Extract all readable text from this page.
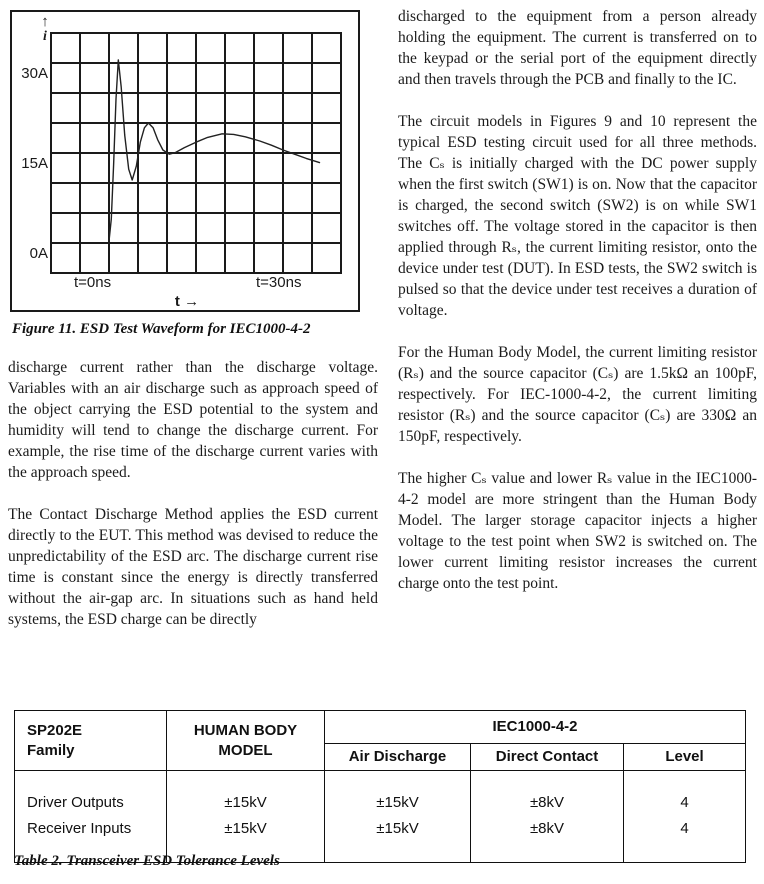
↑
i
30A
15A
0A
t=0ns	t=30ns
t →
Figure 11. ESD Test Waveform for IEC1000-4-2

discharge current rather than the discharge voltage. Variables with an air discharge such as approach speed of the object carrying the ESD potential to the system and humidity will tend to change the discharge current. For example, the rise time of the discharge current varies with the approach speed.

The Contact Discharge Method applies the ESD current directly to the EUT. This method was devised to reduce the unpredictability of the ESD arc. The discharge current rise time is constant since the energy is directly transferred without the air-gap arc. In situations such as hand held systems, the ESD charge can be directly

discharged to the equipment from a person already holding the equipment. The current is transferred on to the keypad or the serial port of the equipment directly and then travels through the PCB and finally to the IC.

The circuit models in Figures 9 and 10 represent the typical ESD testing circuit used for all three methods. The Cₛ is initially charged with the DC power supply when the first switch (SW1) is on. Now that the capacitor is charged, the second switch (SW2) is on while SW1 switches off. The voltage stored in the capacitor is then applied through Rₛ, the current limiting resistor, onto the device under test (DUT). In ESD tests, the SW2 switch is pulsed so that the device under test receives a duration of voltage.

For the Human Body Model, the current limiting resistor (Rₛ) and the source capacitor (Cₛ) are 1.5kΩ an 100pF, respectively. For IEC-1000-4-2, the current limiting resistor (Rₛ) and the source capacitor (Cₛ) are 330Ω an 150pF, respectively.

The higher Cₛ value and lower Rₛ value in the IEC1000-4-2 model are more stringent than the Human Body Model. The larger storage capacitor injects a higher voltage to the test point when SW2 is switched on. The lower current limiting resistor increases the current charge onto the test point.

SP202E
Family

HUMAN BODY
MODEL
	IEC1000-4-2
		Air Discharge	Direct Contact	Level
Driver Outputs	±15kV	±15kV	±8kV	4
Receiver Inputs	±15kV	±15kV	±8kV	4
Table 2. Transceiver ESD Tolerance Levels
